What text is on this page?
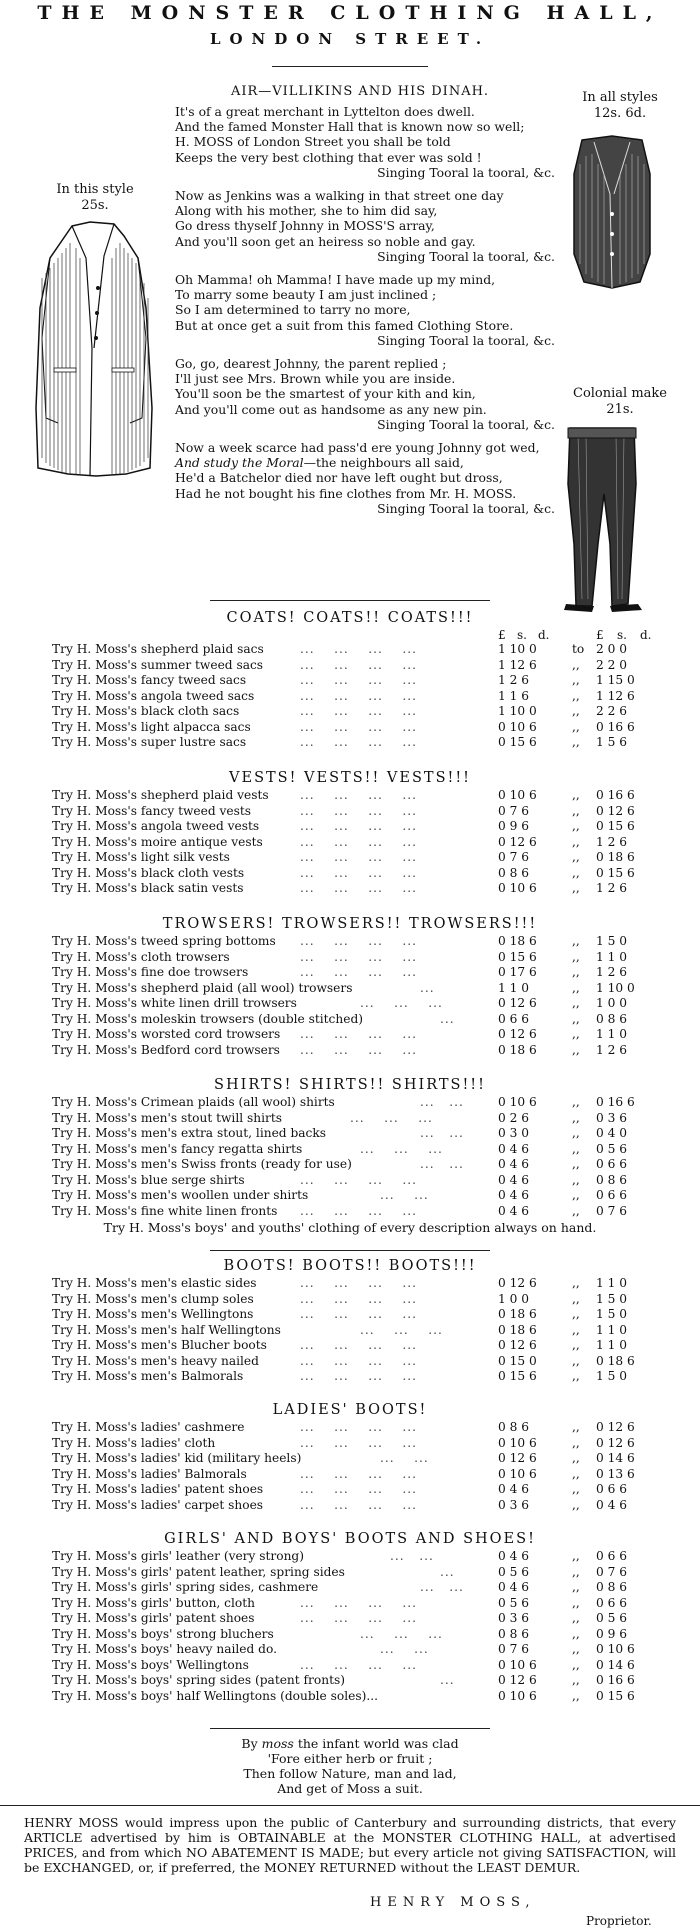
THE MONSTER CLOTHING HALL,
LONDON STREET.
AIR—VILLIKINS AND HIS DINAH.
It's of a great merchant in Lyttelton does dwell.
And the famed Monster Hall that is known now so well;
H. MOSS of London Street you shall be told
Keeps the very best clothing that ever was sold !
Singing Tooral la tooral, &c.
Now as Jenkins was a walking in that street one day
Along with his mother, she to him did say,
Go dress thyself Johnny in MOSS'S array,
And you'll soon get an heiress so noble and gay.
Singing Tooral la tooral, &c.
Oh Mamma! oh Mamma! I have made up my mind,
To marry some beauty I am just inclined ;
So I am determined to tarry no more,
But at once get a suit from this famed Clothing Store.
Singing Tooral la tooral, &c.
Go, go, dearest Johnny, the parent replied ;
I'll just see Mrs. Brown while you are inside.
You'll soon be the smartest of your kith and kin,
And you'll come out as handsome as any new pin.
Singing Tooral la tooral, &c.
Now a week scarce had pass'd ere young Johnny got wed,
And study the Moral—the neighbours all said,
He'd a Batchelor died nor have left ought but dross,
Had he not bought his fine clothes from Mr. H. MOSS.
Singing Tooral la tooral, &c.
In this style
25s.
In all styles
12s. 6d.
Colonial make
21s.
COATS! COATS!! COATS!!!
£ s. d.	£ s. d.
Try H. Moss's shepherd plaid sacs	...    ...    ...    ...	1 10 0	to 2 0 0
Try H. Moss's summer tweed sacs	...    ...    ...    ...	1 12 6	,, 2 2 0
Try H. Moss's fancy tweed sacs	...    ...    ...    ...	1 2 6	,, 1 15 0
Try H. Moss's angola tweed sacs	...    ...    ...    ...	1 1 6	,, 1 12 6
Try H. Moss's black cloth sacs	...    ...    ...    ...	1 10 0	,, 2 2 6
Try H. Moss's light alpacca sacs	...    ...    ...    ...	0 10 6	,, 0 16 6
Try H. Moss's super lustre sacs	...    ...    ...    ...	0 15 6	,, 1 5 6
VESTS! VESTS!! VESTS!!!
Try H. Moss's shepherd plaid vests	...    ...    ...    ...	0 10 6	,, 0 16 6
Try H. Moss's fancy tweed vests	...    ...    ...    ...	0 7 6	,, 0 12 6
Try H. Moss's angola tweed vests	...    ...    ...    ...	0 9 6	,, 0 15 6
Try H. Moss's moire antique vests	...    ...    ...    ...	0 12 6	,, 1 2 6
Try H. Moss's light silk vests	...    ...    ...    ...	0 7 6	,, 0 18 6
Try H. Moss's black cloth vests	...    ...    ...    ...	0 8 6	,, 0 15 6
Try H. Moss's black satin vests	...    ...    ...    ...	0 10 6	,, 1 2 6
TROWSERS! TROWSERS!! TROWSERS!!!
Try H. Moss's tweed spring bottoms ...    ...    ...    ...	0 18 6	,, 1 5 0
Try H. Moss's cloth trowsers	...    ...    ...    ...	0 15 6	,, 1 1 0
Try H. Moss's fine doe trowsers	...    ...    ...    ...	0 17 6	,, 1 2 6
Try H. Moss's shepherd plaid (all wool) trowsers	...	1 1 0	,, 1 10 0
Try H. Moss's white linen drill trowsers	...    ...    ...	0 12 6	,, 1 0 0
Try H. Moss's moleskin trowsers (double stitched)	...	0 6 6	,, 0 8 6
Try H. Moss's worsted cord trowsers ...    ...    ...    ...	0 12 6	,, 1 1 0
Try H. Moss's Bedford cord trowsers ...    ...    ...    ...	0 18 6	,, 1 2 6
SHIRTS! SHIRTS!! SHIRTS!!!
Try H. Moss's Crimean plaids (all wool) shirts	...   ...	0 10 6	,, 0 16 6
Try H. Moss's men's stout twill shirts	...    ...    ...	0 2 6	,, 0 3 6
Try H. Moss's men's extra stout, lined backs	...   ...	0 3 0	,, 0 4 0
Try H. Moss's men's fancy regatta shirts	...    ...    ...	0 4 6	,, 0 5 6
Try H. Moss's men's Swiss fronts (ready for use)	...   ...	0 4 6	,, 0 6 6
Try H. Moss's blue serge shirts	...    ...    ...    ...	0 4 6	,, 0 8 6
Try H. Moss's men's woollen under shirts	...    ...	0 4 6	,, 0 6 6
Try H. Moss's fine white linen fronts ...    ...    ...    ...	0 4 6	,, 0 7 6
Try H. Moss's boys' and youths' clothing of every description always on hand.
BOOTS! BOOTS!! BOOTS!!!
Try H. Moss's men's elastic sides	...    ...    ...    ...	0 12 6	,, 1 1 0
Try H. Moss's men's clump soles	...    ...    ...    ...	1 0 0	,, 1 5 0
Try H. Moss's men's Wellingtons	...    ...    ...    ...	0 18 6	,, 1 5 0
Try H. Moss's men's half Wellingtons	...    ...    ...	0 18 6	,, 1 1 0
Try H. Moss's men's Blucher boots	...    ...    ...    ...	0 12 6	,, 1 1 0
Try H. Moss's men's heavy nailed	...    ...    ...    ...	0 15 0	,, 0 18 6
Try H. Moss's men's Balmorals	...    ...    ...    ...	0 15 6	,, 1 5 0
LADIES' BOOTS!
Try H. Moss's ladies' cashmere	...    ...    ...    ...	0 8 6	,, 0 12 6
Try H. Moss's ladies' cloth	...    ...    ...    ...	0 10 6	,, 0 12 6
Try H. Moss's ladies' kid (military heels)	...    ...	0 12 6	,, 0 14 6
Try H. Moss's ladies' Balmorals	...    ...    ...    ...	0 10 6	,, 0 13 6
Try H. Moss's ladies' patent shoes	...    ...    ...    ...	0 4 6	,, 0 6 6
Try H. Moss's ladies' carpet shoes	...    ...    ...    ...	0 3 6	,, 0 4 6
GIRLS' AND BOYS' BOOTS AND SHOES!
Try H. Moss's girls' leather (very strong)	...   ...	0 4 6	,, 0 6 6
Try H. Moss's girls' patent leather, spring sides	...	0 5 6	,, 0 7 6
Try H. Moss's girls' spring sides, cashmere	...   ...	0 4 6	,, 0 8 6
Try H. Moss's girls' button, cloth	...    ...    ...    ...	0 5 6	,, 0 6 6
Try H. Moss's girls' patent shoes	...    ...    ...    ...	0 3 6	,, 0 5 6
Try H. Moss's boys' strong bluchers	...    ...    ...	0 8 6	,, 0 9 6
Try H. Moss's boys' heavy nailed do.	...    ...	0 7 6	,, 0 10 6
Try H. Moss's boys' Wellingtons	...    ...    ...    ...	0 10 6	,, 0 14 6
Try H. Moss's boys' spring sides (patent fronts)	...	0 12 6	,, 0 16 6
Try H. Moss's boys' half Wellingtons (double soles)...	0 10 6	,, 0 15 6
By moss the infant world was clad
'Fore either herb or fruit ;
Then follow Nature, man and lad,
And get of Moss a suit.
HENRY MOSS would impress upon the public of Canterbury and surrounding districts, that every ARTICLE advertised by him is OBTAINABLE at the MONSTER CLOTHING HALL, at advertised PRICES, and from which NO ABATEMENT IS MADE; but every article not giving SATISFACTION, will be EXCHANGED, or, if preferred, the MONEY RETURNED without the LEAST DEMUR.
HENRY MOSS,
Proprietor.
